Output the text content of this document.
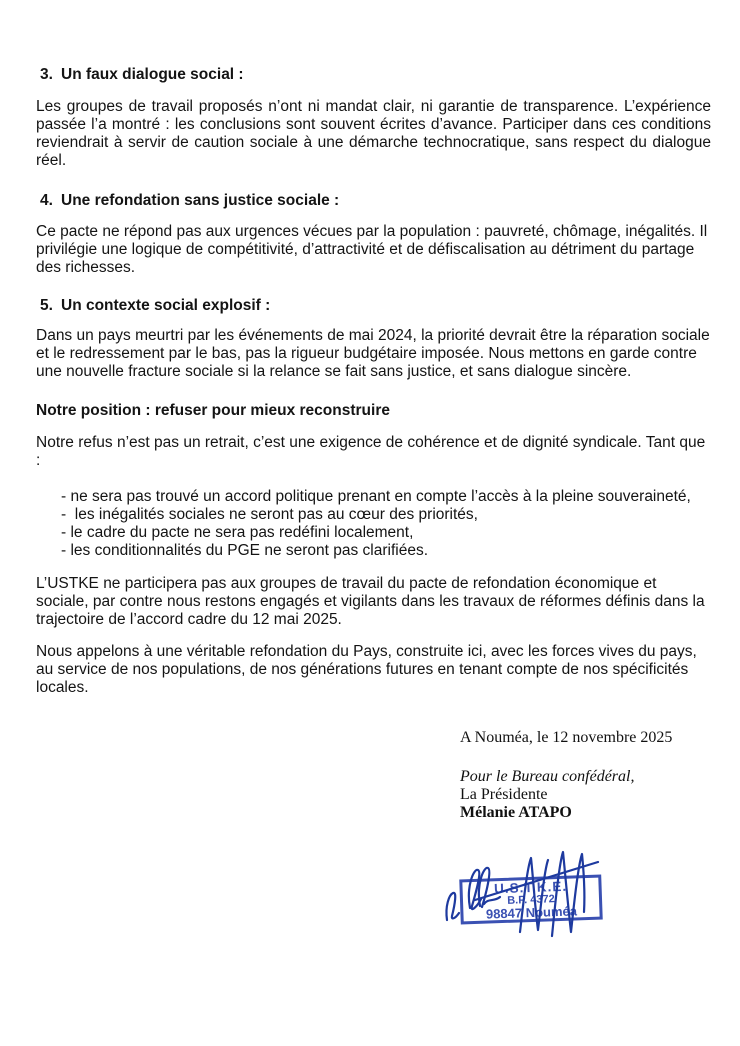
3. Un faux dialogue social :

Les groupes de travail proposés n’ont ni mandat clair, ni garantie de transparence. L’expérience passée l’a montré : les conclusions sont souvent écrites d’avance. Participer dans ces conditions reviendrait à servir de caution sociale à une démarche technocratique, sans respect du dialogue réel.

4. Une refondation sans justice sociale :

Ce pacte ne répond pas aux urgences vécues par la population : pauvreté, chômage, inégalités. Il privilégie une logique de compétitivité, d’attractivité et de défiscalisation au détriment du partage des richesses.

5. Un contexte social explosif :

Dans un pays meurtri par les événements de mai 2024, la priorité devrait être la réparation sociale et le redressement par le bas, pas la rigueur budgétaire imposée. Nous mettons en garde contre une nouvelle fracture sociale si la relance se fait sans justice, et sans dialogue sincère.

Notre position : refuser pour mieux reconstruire

Notre refus n’est pas un retrait, c’est une exigence de cohérence et de dignité syndicale. Tant que :

- ne sera pas trouvé un accord politique prenant en compte l’accès à la pleine souveraineté,
-  les inégalités sociales ne seront pas au cœur des priorités,
- le cadre du pacte ne sera pas redéfini localement,
- les conditionnalités du PGE ne seront pas clarifiées.

L’USTKE ne participera pas aux groupes de travail du pacte de refondation économique et sociale, par contre nous restons engagés et vigilants dans les travaux de réformes définis dans la trajectoire de l’accord cadre du 12 mai 2025.

Nous appelons à une véritable refondation du Pays, construite ici, avec les forces vives du pays, au service de nos populations, de nos générations futures en tenant compte de nos spécificités locales.

A Nouméa, le 12 novembre 2025
Pour le Bureau confédéral,
La Présidente
Mélanie ATAPO
U.S.T.K.E.
B.P. 4372
98847 Nouméa
